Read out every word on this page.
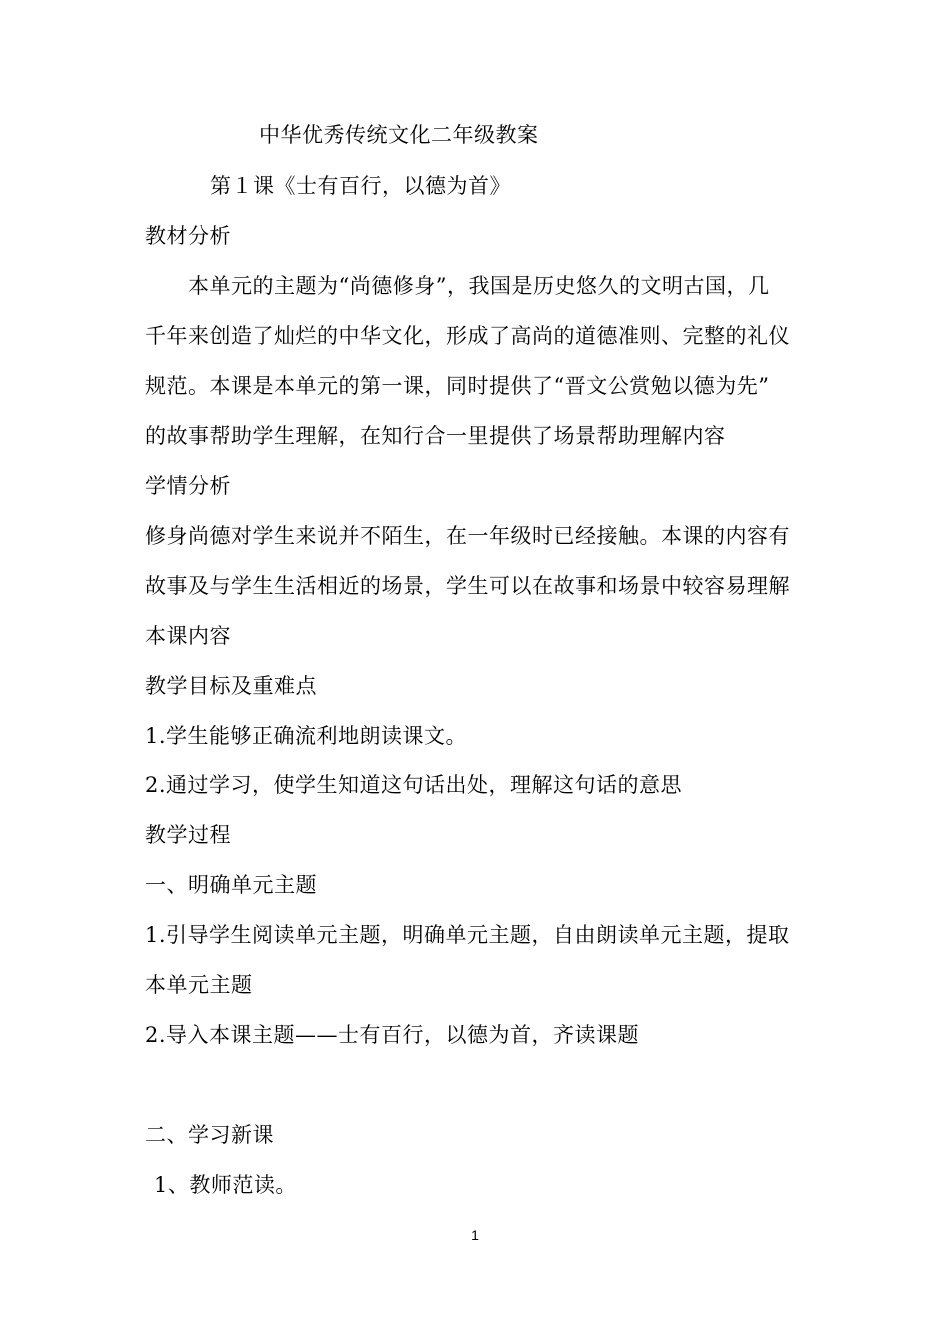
中华优秀传统文化二年级教案
第１课《士有百行，以德为首》
教材分析
本单元的主题为“尚德修身”，我国是历史悠久的文明古国，几
千年来创造了灿烂的中华文化，形成了高尚的道德准则、完整的礼仪
规范。本课是本单元的第一课，同时提供了“晋文公赏勉以德为先”
的故事帮助学生理解，在知行合一里提供了场景帮助理解内容
学情分析
修身尚德对学生来说并不陌生，在一年级时已经接触。本课的内容有
故事及与学生生活相近的场景，学生可以在故事和场景中较容易理解
本课内容
教学目标及重难点
1.学生能够正确流利地朗读课文。
2.通过学习，使学生知道这句话出处，理解这句话的意思
教学过程
一、明确单元主题
1.引导学生阅读单元主题，明确单元主题，自由朗读单元主题，提取
本单元主题
2.导入本课主题——士有百行，以德为首，齐读课题
二、学习新课
1、教师范读。
1
